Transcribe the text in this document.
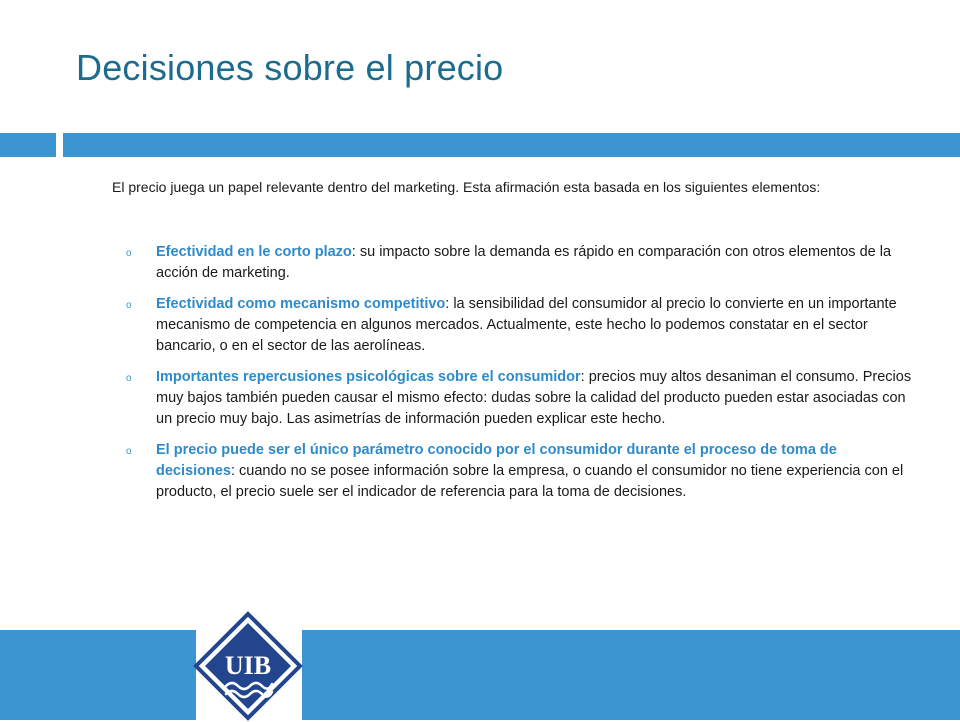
Decisiones sobre el precio

El precio juega un papel relevante dentro del marketing. Esta afirmación esta basada en los siguientes elementos:

o Efectividad en le corto plazo: su impacto sobre la demanda es rápido en comparación con otros elementos de la acción de marketing.
o Efectividad como mecanismo competitivo: la sensibilidad del consumidor al precio lo convierte en un importante mecanismo de competencia en algunos mercados. Actualmente, este hecho lo podemos constatar en el sector bancario, o en el sector de las aerolíneas.
o Importantes repercusiones psicológicas sobre el consumidor: precios muy altos desaniman el consumo. Precios muy bajos también pueden causar el mismo efecto: dudas sobre la calidad del producto pueden estar asociadas con un precio muy bajo. Las asimetrías de información pueden explicar este hecho.
o El precio puede ser el único parámetro conocido por el consumidor durante el proceso de toma de decisiones: cuando no se posee información sobre la empresa, o cuando el consumidor no tiene experiencia con el producto, el precio suele ser el indicador de referencia para la toma de decisiones.
UIB
